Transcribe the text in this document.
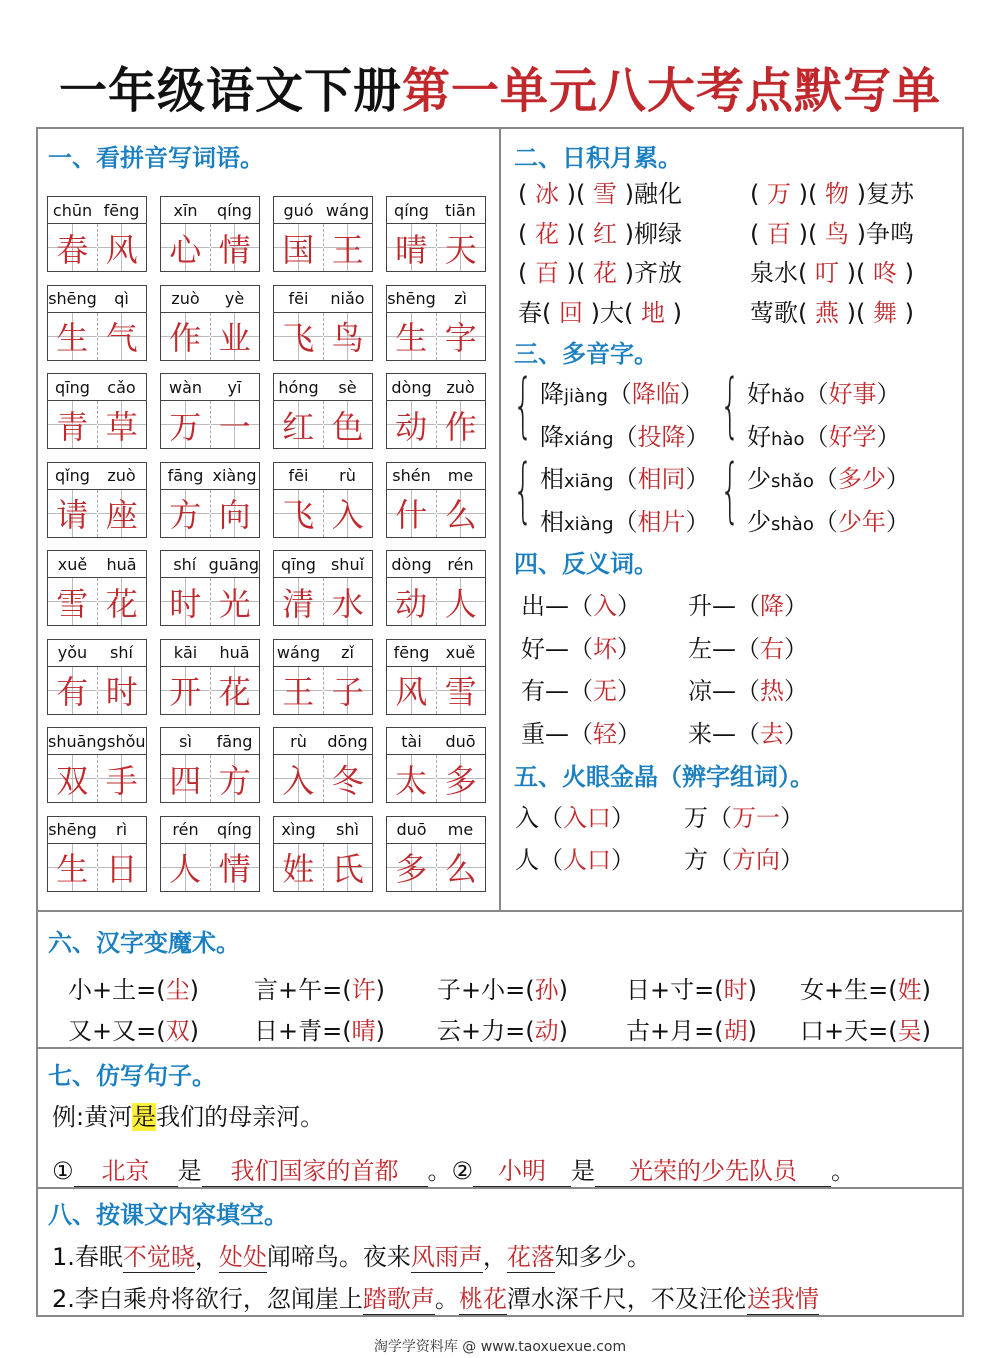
一年级语文下册第一单元八大考点默写单
一、看拼音写词语。
chūn fēng
春 风
xīn	qíng
心 情
guó wáng
国 王
qíng	tiān
晴 天
shēng	qì
生 气
zuò	yè
作 业
fēi	niǎo
飞 鸟
shēng	zì
生 字
qīng	cǎo
青 草
wàn	yī
万 一
hóng	sè
红 色
dòng zuò
动 作
qǐng	zuò
请 座
fāng xiàng
方 向
fēi	rù
飞 入
shén	me
什 么
xuě	huā
雪 花
shí guāng
时 光
qīng shuǐ
清 水
dòng rén
动 人
yǒu	shí
有 时
kāi	huā
开 花
wáng	zǐ
王 子
fēng	xuě
风 雪
shuāng shǒu
双 手
sì	fāng
四 方
rù	dōng
入 冬
tài	duō
太 多
shēng	rì
生 日
rén	qíng
人 情
xìng	shì
姓 氏
duō	me
多 么
二、日积月累。
( 冰 )( 雪 )融化	( 万 )( 物 )复苏
( 花 )( 红 )柳绿	( 百 )( 鸟 )争鸣
( 百 )( 花 )齐放	泉水( 叮 )( 咚 )
春( 回 )大( 地 )	莺歌( 燕 )( 舞 )
三、多音字。
{ 降jiàng（降临）
降xiáng（投降） { 好hǎo（好事）
好hào（好学）
{ 相xiāng（相同）
相xiàng（相片） { 少shǎo（多少）
少shào（少年）
四、反义词。
出—（入） 升—（降）
好—（坏） 左—（右）
有—（无） 凉—（热）
重—（轻） 来—（去）
五、火眼金晶（辨字组词）。
入（入口） 万（万一）
人（人口） 方（方向）
六、汉字变魔术。
小+土=(尘) 言+午=(许) 子+小=(孙) 日+寸=(时) 女+生=(姓)
又+又=(双) 日+青=(晴) 云+力=(动) 古+月=(胡) 口+天=(吴)
七、仿写句子。
例:黄河是我们的母亲河。
① 北京 是 我们国家的首都 。② 小明 是 光荣的少先队员 。
八、按课文内容填空。
1.春眠不觉晓，处处闻啼鸟。夜来风雨声，花落知多少。
2.李白乘舟将欲行，忽闻崖上踏歌声。桃花潭水深千尺，不及汪伦送我情
淘学学资料库 @ www.taoxuexue.com
